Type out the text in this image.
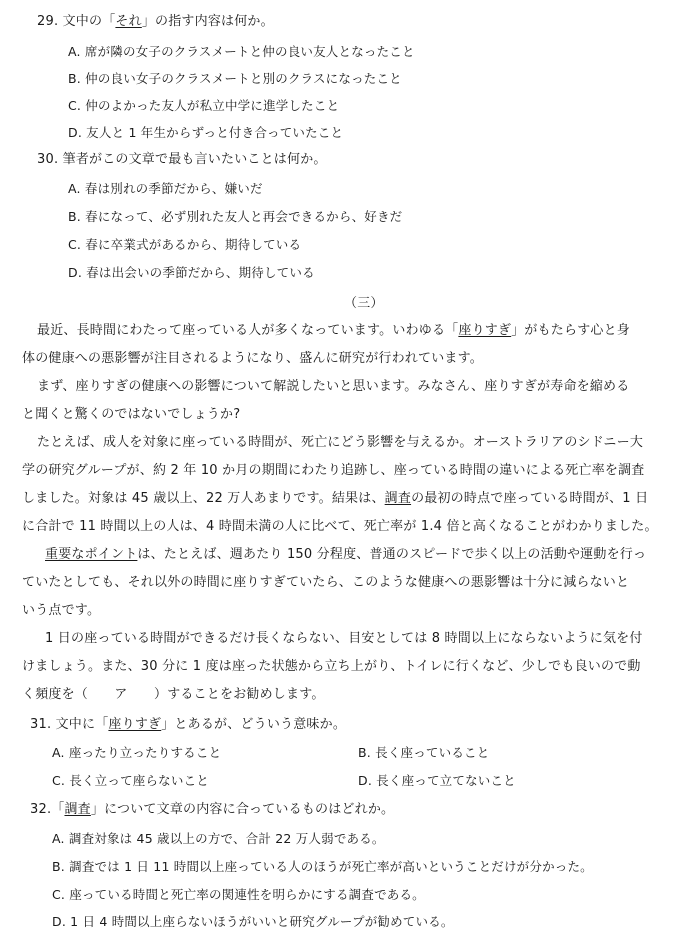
29. 文中の「それ」の指す内容は何か。
A. 席が隣の女子のクラスメートと仲の良い友人となったこと
B. 仲の良い女子のクラスメートと別のクラスになったこと
C. 仲のよかった友人が私立中学に進学したこと
D. 友人と 1 年生からずっと付き合っていたこと
30. 筆者がこの文章で最も言いたいことは何か。
A. 春は別れの季節だから、嫌いだ
B. 春になって、必ず別れた友人と再会できるから、好きだ
C. 春に卒業式があるから、期待している
D. 春は出会いの季節だから、期待している
（三）
最近、長時間にわたって座っている人が多くなっています。いわゆる「座りすぎ」がもたらす心と身
体の健康への悪影響が注目されるようになり、盛んに研究が行われています。
まず、座りすぎの健康への影響について解説したいと思います。みなさん、座りすぎが寿命を縮める
と聞くと驚くのではないでしょうか?
たとえば、成人を対象に座っている時間が、死亡にどう影響を与えるか。オーストラリアのシドニー大
学の研究グループが、約 2 年 10 か月の期間にわたり追跡し、座っている時間の違いによる死亡率を調査
しました。対象は 45 歳以上、22 万人あまりです。結果は、調査の最初の時点で座っている時間が、1 日
に合計で 11 時間以上の人は、4 時間未満の人に比べて、死亡率が 1.4 倍と高くなることがわかりました。
重要なポイントは、たとえば、週あたり 150 分程度、普通のスピードで歩く以上の活動や運動を行っ
ていたとしても、それ以外の時間に座りすぎていたら、このような健康への悪影響は十分に減らないと
いう点です。
1 日の座っている時間ができるだけ長くならない、目安としては 8 時間以上にならないように気を付
けましょう。また、30 分に 1 度は座った状態から立ち上がり、トイレに行くなど、少しでも良いので動
く頻度を（　　ア　　）することをお勧めします。
31. 文中に「座りすぎ」とあるが、どういう意味か。
A. 座ったり立ったりすること	B. 長く座っていること
C. 長く立って座らないこと	D. 長く座って立てないこと
32.「調査」について文章の内容に合っているものはどれか。
A. 調査対象は 45 歳以上の方で、合計 22 万人弱である。
B. 調査では 1 日 11 時間以上座っている人のほうが死亡率が高いということだけが分かった。
C. 座っている時間と死亡率の関連性を明らかにする調査である。
D. 1 日 4 時間以上座らないほうがいいと研究グループが勧めている。
